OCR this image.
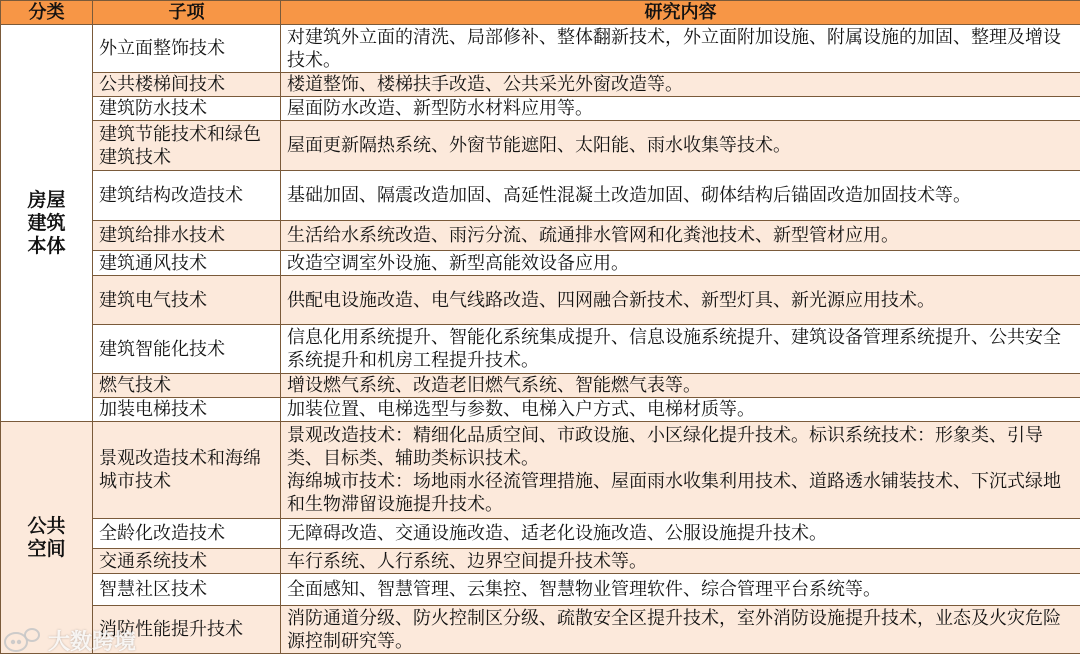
分类	子项	研究内容
房屋
建筑
本体	外立面整饰技术	对建筑外立面的清洗、局部修补、整体翻新技术，外立面附加设施、附属设施的加固、整理及增设技术。
	公共楼梯间技术	楼道整饰、楼梯扶手改造、公共采光外窗改造等。
	建筑防水技术	屋面防水改造、新型防水材料应用等。
	建筑节能技术和绿色建筑技术	屋面更新隔热系统、外窗节能遮阳、太阳能、雨水收集等技术。
	建筑结构改造技术	基础加固、隔震改造加固、高延性混凝土改造加固、砌体结构后锚固改造加固技术等。
	建筑给排水技术	生活给水系统改造、雨污分流、疏通排水管网和化粪池技术、新型管材应用。
	建筑通风技术	改造空调室外设施、新型高能效设备应用。
	建筑电气技术	供配电设施改造、电气线路改造、四网融合新技术、新型灯具、新光源应用技术。
	建筑智能化技术	信息化用系统提升、智能化系统集成提升、信息设施系统提升、建筑设备管理系统提升、公共安全系统提升和机房工程提升技术。
	燃气技术	增设燃气系统、改造老旧燃气系统、智能燃气表等。
	加装电梯技术	加装位置、电梯选型与参数、电梯入户方式、电梯材质等。
公共
空间	景观改造技术和海绵城市技术	景观改造技术：精细化品质空间、市政设施、小区绿化提升技术。标识系统技术：形象类、引导类、目标类、辅助类标识技术。
海绵城市技术：场地雨水径流管理措施、屋面雨水收集利用技术、道路透水铺装技术、下沉式绿地和生物滞留设施提升技术。
	全龄化改造技术	无障碍改造、交通设施改造、适老化设施改造、公服设施提升技术。
	交通系统技术	车行系统、人行系统、边界空间提升技术等。
	智慧社区技术	全面感知、智慧管理、云集控、智慧物业管理软件、综合管理平台系统等。
	消防性能提升技术	消防通道分级、防火控制区分级、疏散安全区提升技术，室外消防设施提升技术，业态及火灾危险源控制研究等。
大数跨境
